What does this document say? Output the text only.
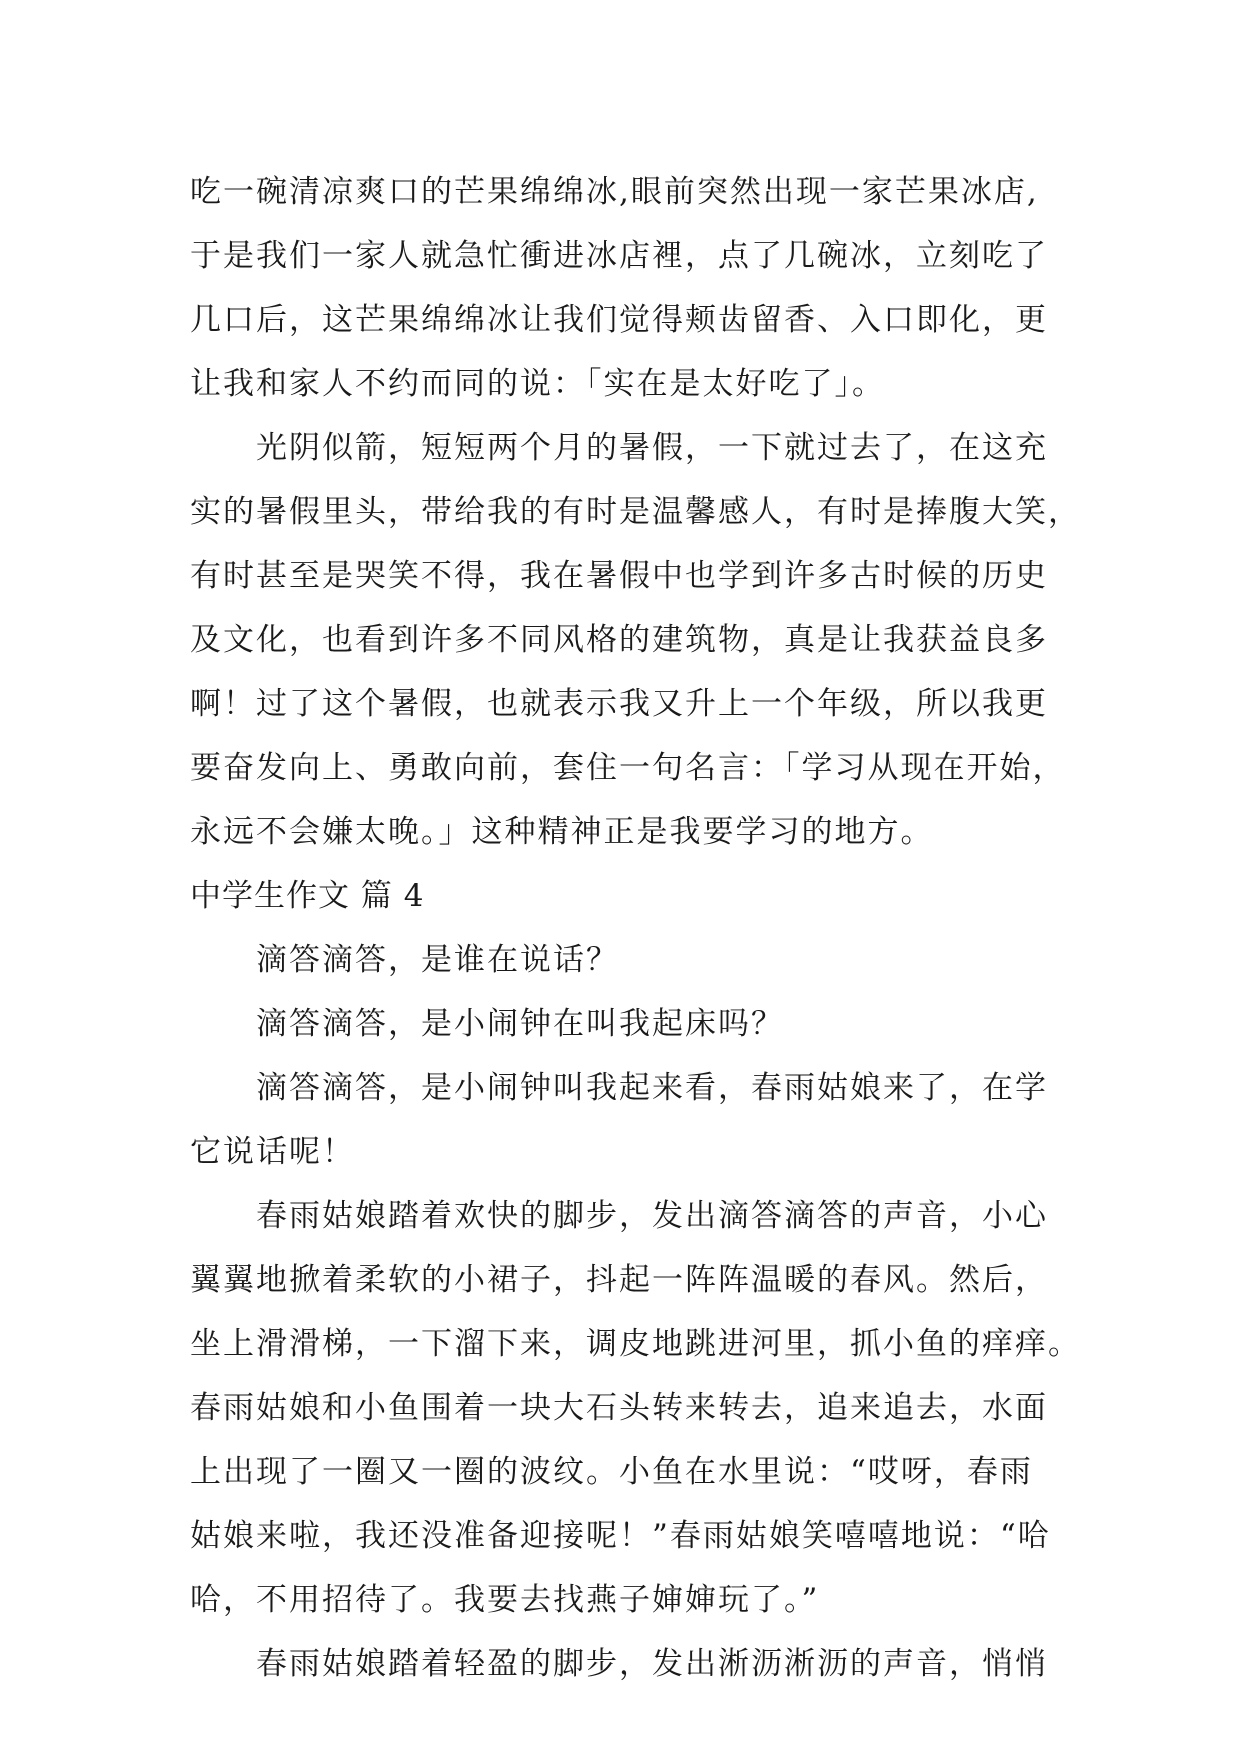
吃一碗清凉爽口的芒果绵绵冰,眼前突然出现一家芒果冰店,
于是我们一家人就急忙衝进冰店裡，点了几碗冰，立刻吃了
几口后，这芒果绵绵冰让我们觉得颊齿留香、入口即化，更
让我和家人不约而同的说：「实在是太好吃了」。
光阴似箭，短短两个月的暑假，一下就过去了，在这充
实的暑假里头，带给我的有时是温馨感人，有时是捧腹大笑，
有时甚至是哭笑不得，我在暑假中也学到许多古时候的历史
及文化，也看到许多不同风格的建筑物，真是让我获益良多
啊！过了这个暑假，也就表示我又升上一个年级，所以我更
要奋发向上、勇敢向前，套住一句名言：「学习从现在开始，
永远不会嫌太晚。」这种精神正是我要学习的地方。
中学生作文 篇 4
滴答滴答，是谁在说话？
滴答滴答，是小闹钟在叫我起床吗？
滴答滴答，是小闹钟叫我起来看，春雨姑娘来了，在学
它说话呢！
春雨姑娘踏着欢快的脚步，发出滴答滴答的声音，小心
翼翼地掀着柔软的小裙子，抖起一阵阵温暖的春风。然后，
坐上滑滑梯，一下溜下来，调皮地跳进河里，抓小鱼的痒痒。
春雨姑娘和小鱼围着一块大石头转来转去，追来追去，水面
上出现了一圈又一圈的波纹。小鱼在水里说：“哎呀，春雨
姑娘来啦，我还没准备迎接呢！”春雨姑娘笑嘻嘻地说：“哈
哈，不用招待了。我要去找燕子婶婶玩了。”
春雨姑娘踏着轻盈的脚步，发出淅沥淅沥的声音，悄悄
